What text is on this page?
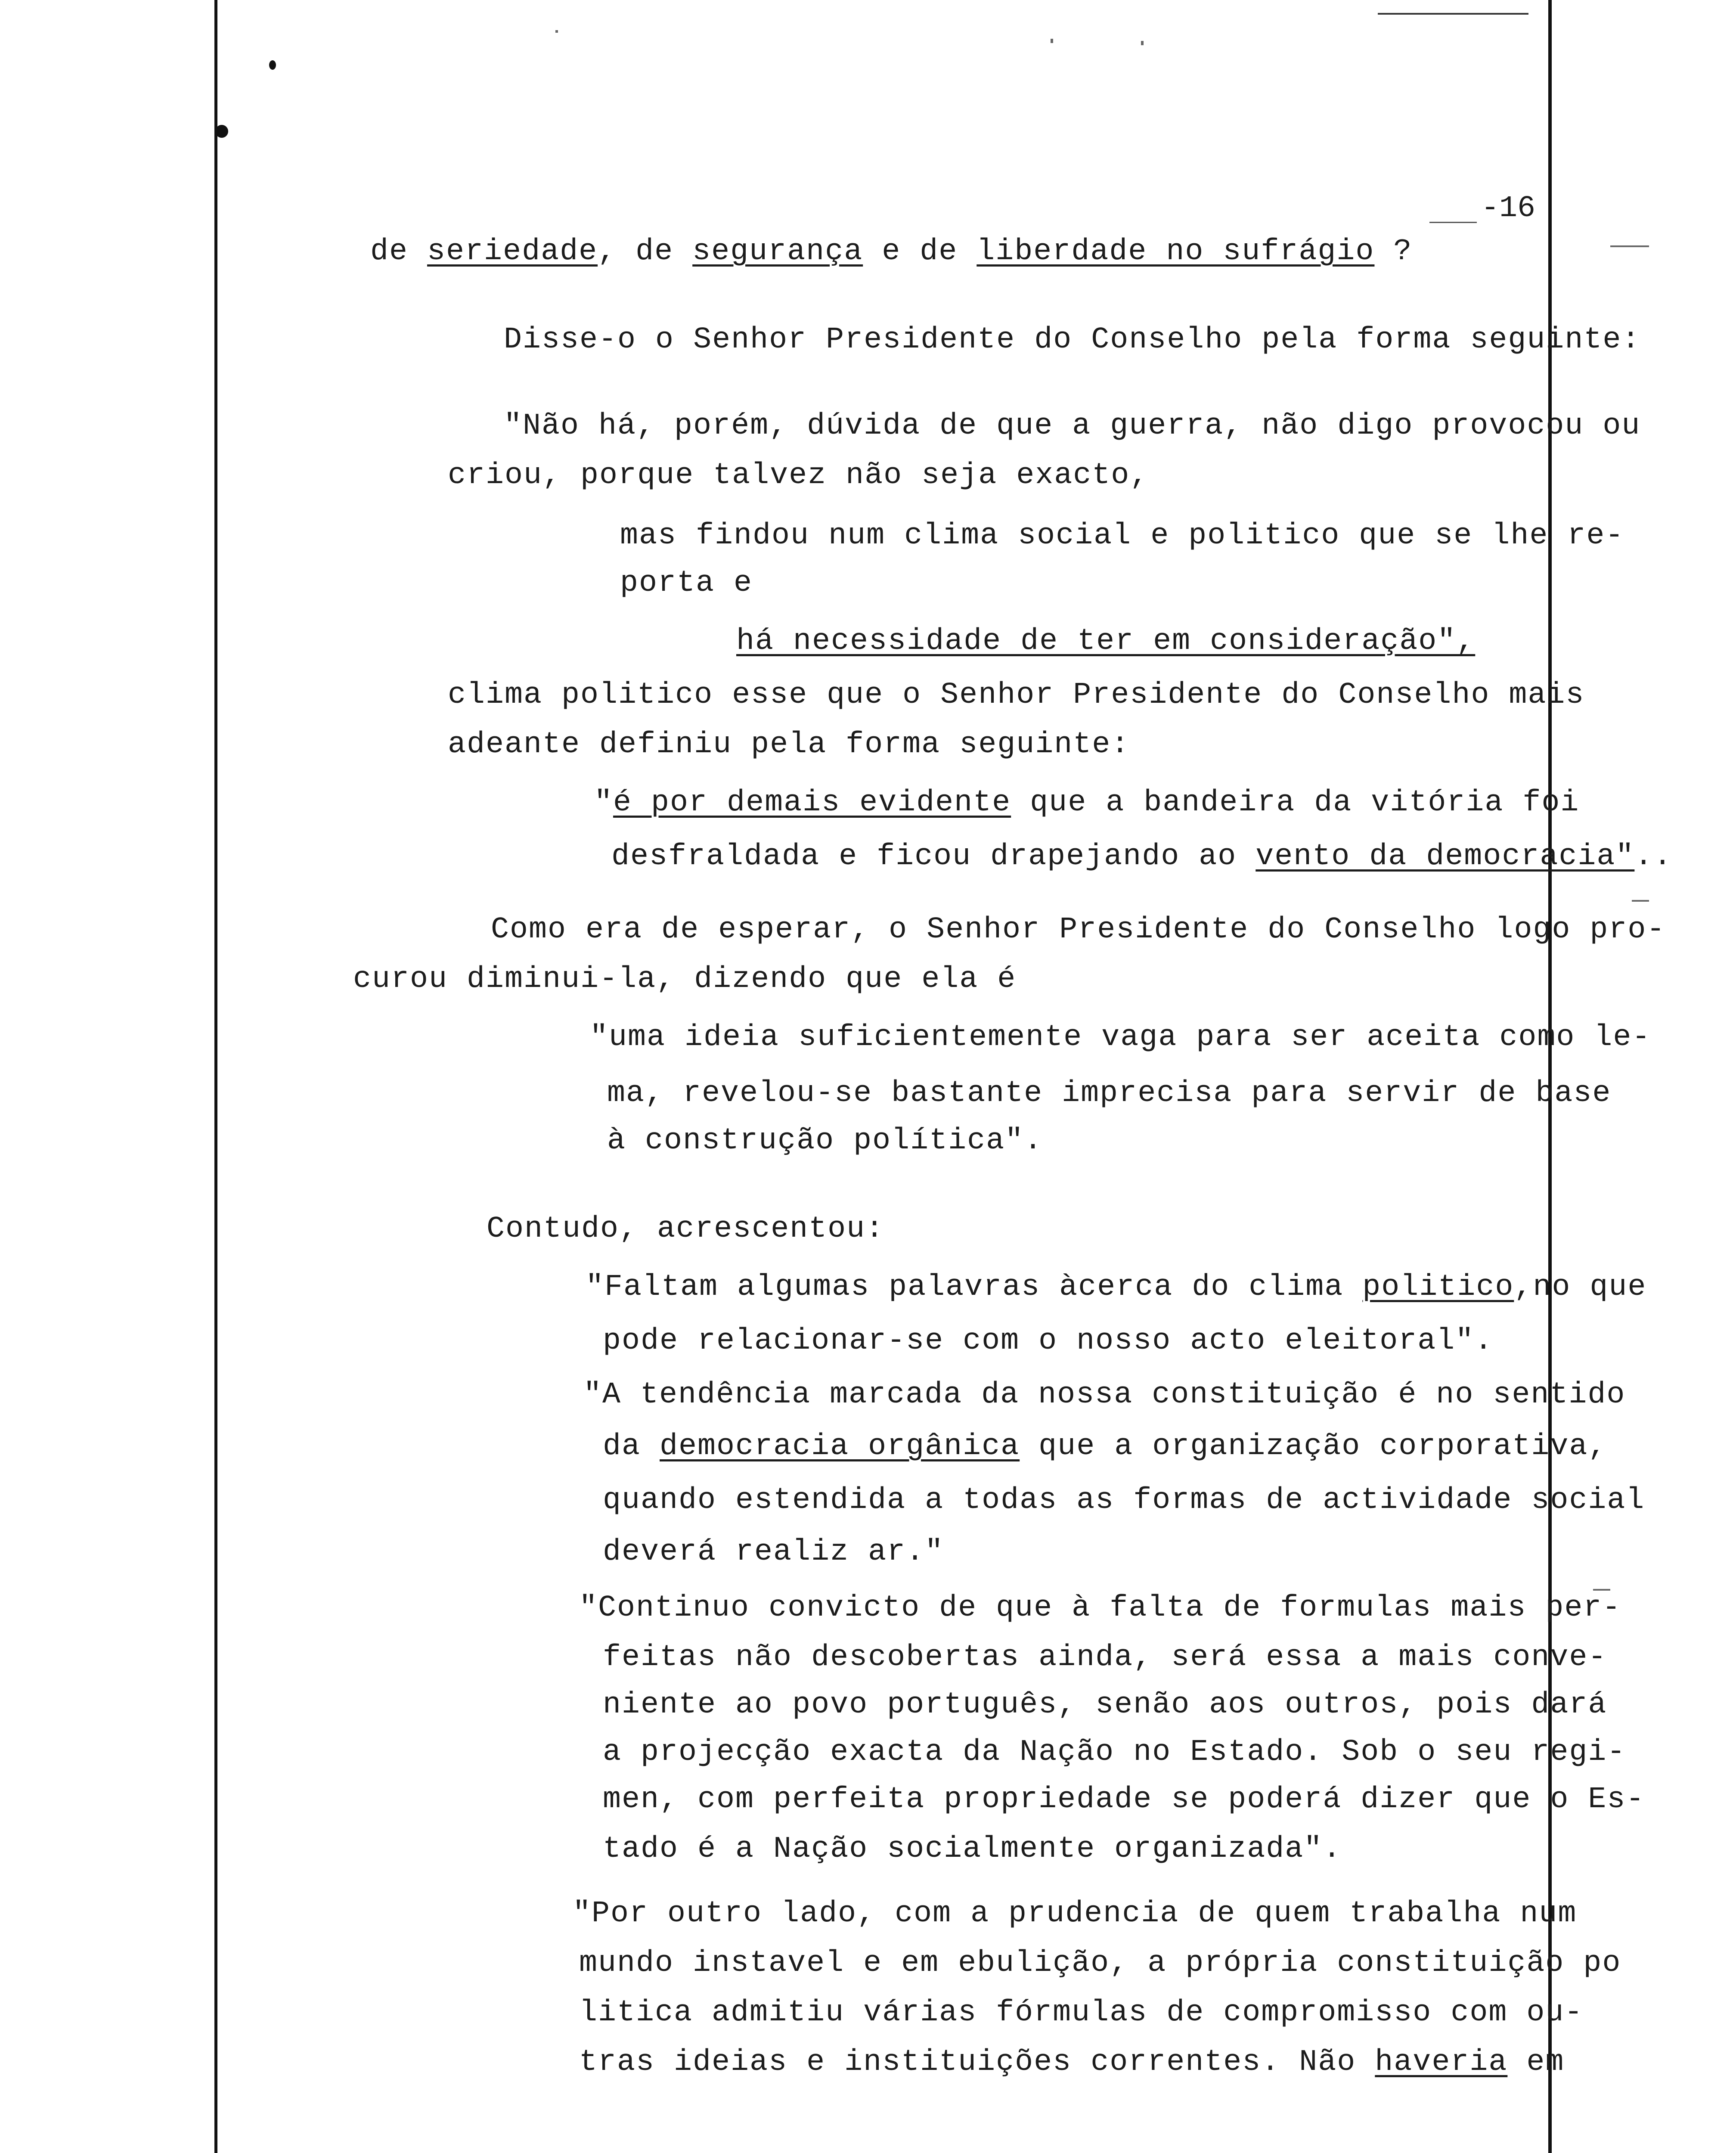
-16
de seriedade, de segurança e de liberdade no sufrágio ?
Disse-o o Senhor Presidente do Conselho pela forma seguinte:
"Não há, porém, dúvida de que a guerra, não digo provocou ou
criou, porque talvez não seja exacto,
mas findou num clima social e politico que se lhe re-
porta e
há necessidade de ter em consideração",
clima politico esse que o Senhor Presidente do Conselho mais
adeante definiu pela forma seguinte:
"é por demais evidente que a bandeira da vitória foi
desfraldada e ficou drapejando ao vento da democracia"..
Como era de esperar, o Senhor Presidente do Conselho logo pro-
curou diminui-la, dizendo que ela é
"uma ideia suficientemente vaga para ser aceita como le-
ma, revelou-se bastante imprecisa para servir de base
à construção política".
Contudo, acrescentou:
"Faltam algumas palavras àcerca do clima politico,no que
pode relacionar-se com o nosso acto eleitoral".
"A tendência marcada da nossa constituição é no sentido
da democracia orgânica que a organização corporativa,
quando estendida a todas as formas de actividade social
deverá realiz ar."
"Continuo convicto de que à falta de formulas mais per-
feitas não descobertas ainda, será essa a mais conve-
niente ao povo português, senão aos outros, pois dará
a projecção exacta da Nação no Estado. Sob o seu regi-
men, com perfeita propriedade se poderá dizer que o Es-
tado é a Nação socialmente organizada".
"Por outro lado, com a prudencia de quem trabalha num
mundo instavel e em ebulição, a própria constituição po
litica admitiu várias fórmulas de compromisso com ou-
tras ideias e instituições correntes. Não haveria em
